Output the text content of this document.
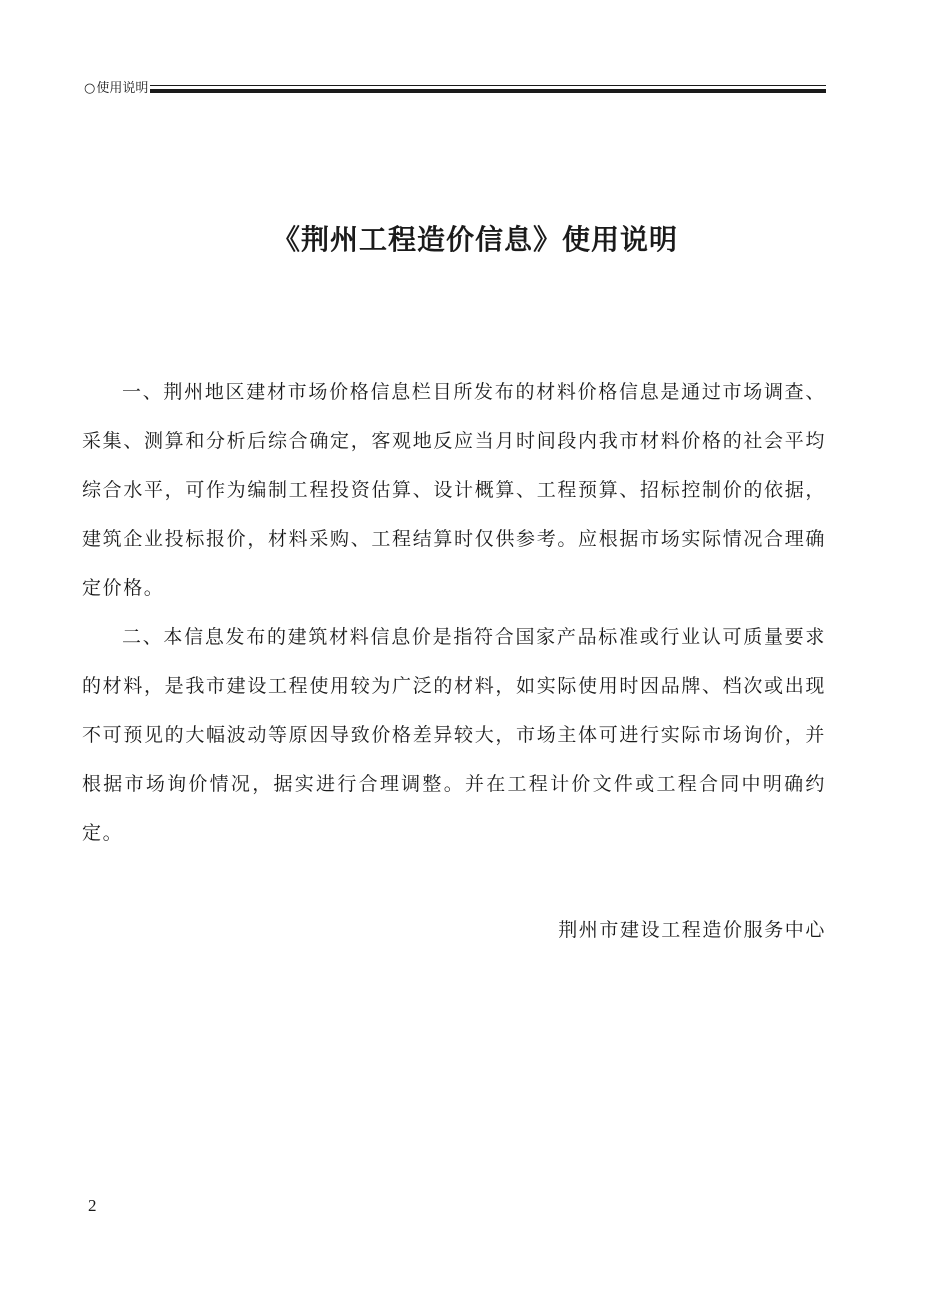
○ 使用说明
《荆州工程造价信息》使用说明

一、荆州地区建材市场价格信息栏目所发布的材料价格信息是通过市场调查、采集、测算和分析后综合确定，客观地反应当月时间段内我市材料价格的社会平均综合水平，可作为编制工程投资估算、设计概算、工程预算、招标控制价的依据，建筑企业投标报价，材料采购、工程结算时仅供参考。应根据市场实际情况合理确定价格。

二、本信息发布的建筑材料信息价是指符合国家产品标准或行业认可质量要求的材料，是我市建设工程使用较为广泛的材料，如实际使用时因品牌、档次或出现不可预见的大幅波动等原因导致价格差异较大，市场主体可进行实际市场询价，并根据市场询价情况，据实进行合理调整。并在工程计价文件或工程合同中明确约定。

荆州市建设工程造价服务中心
2
